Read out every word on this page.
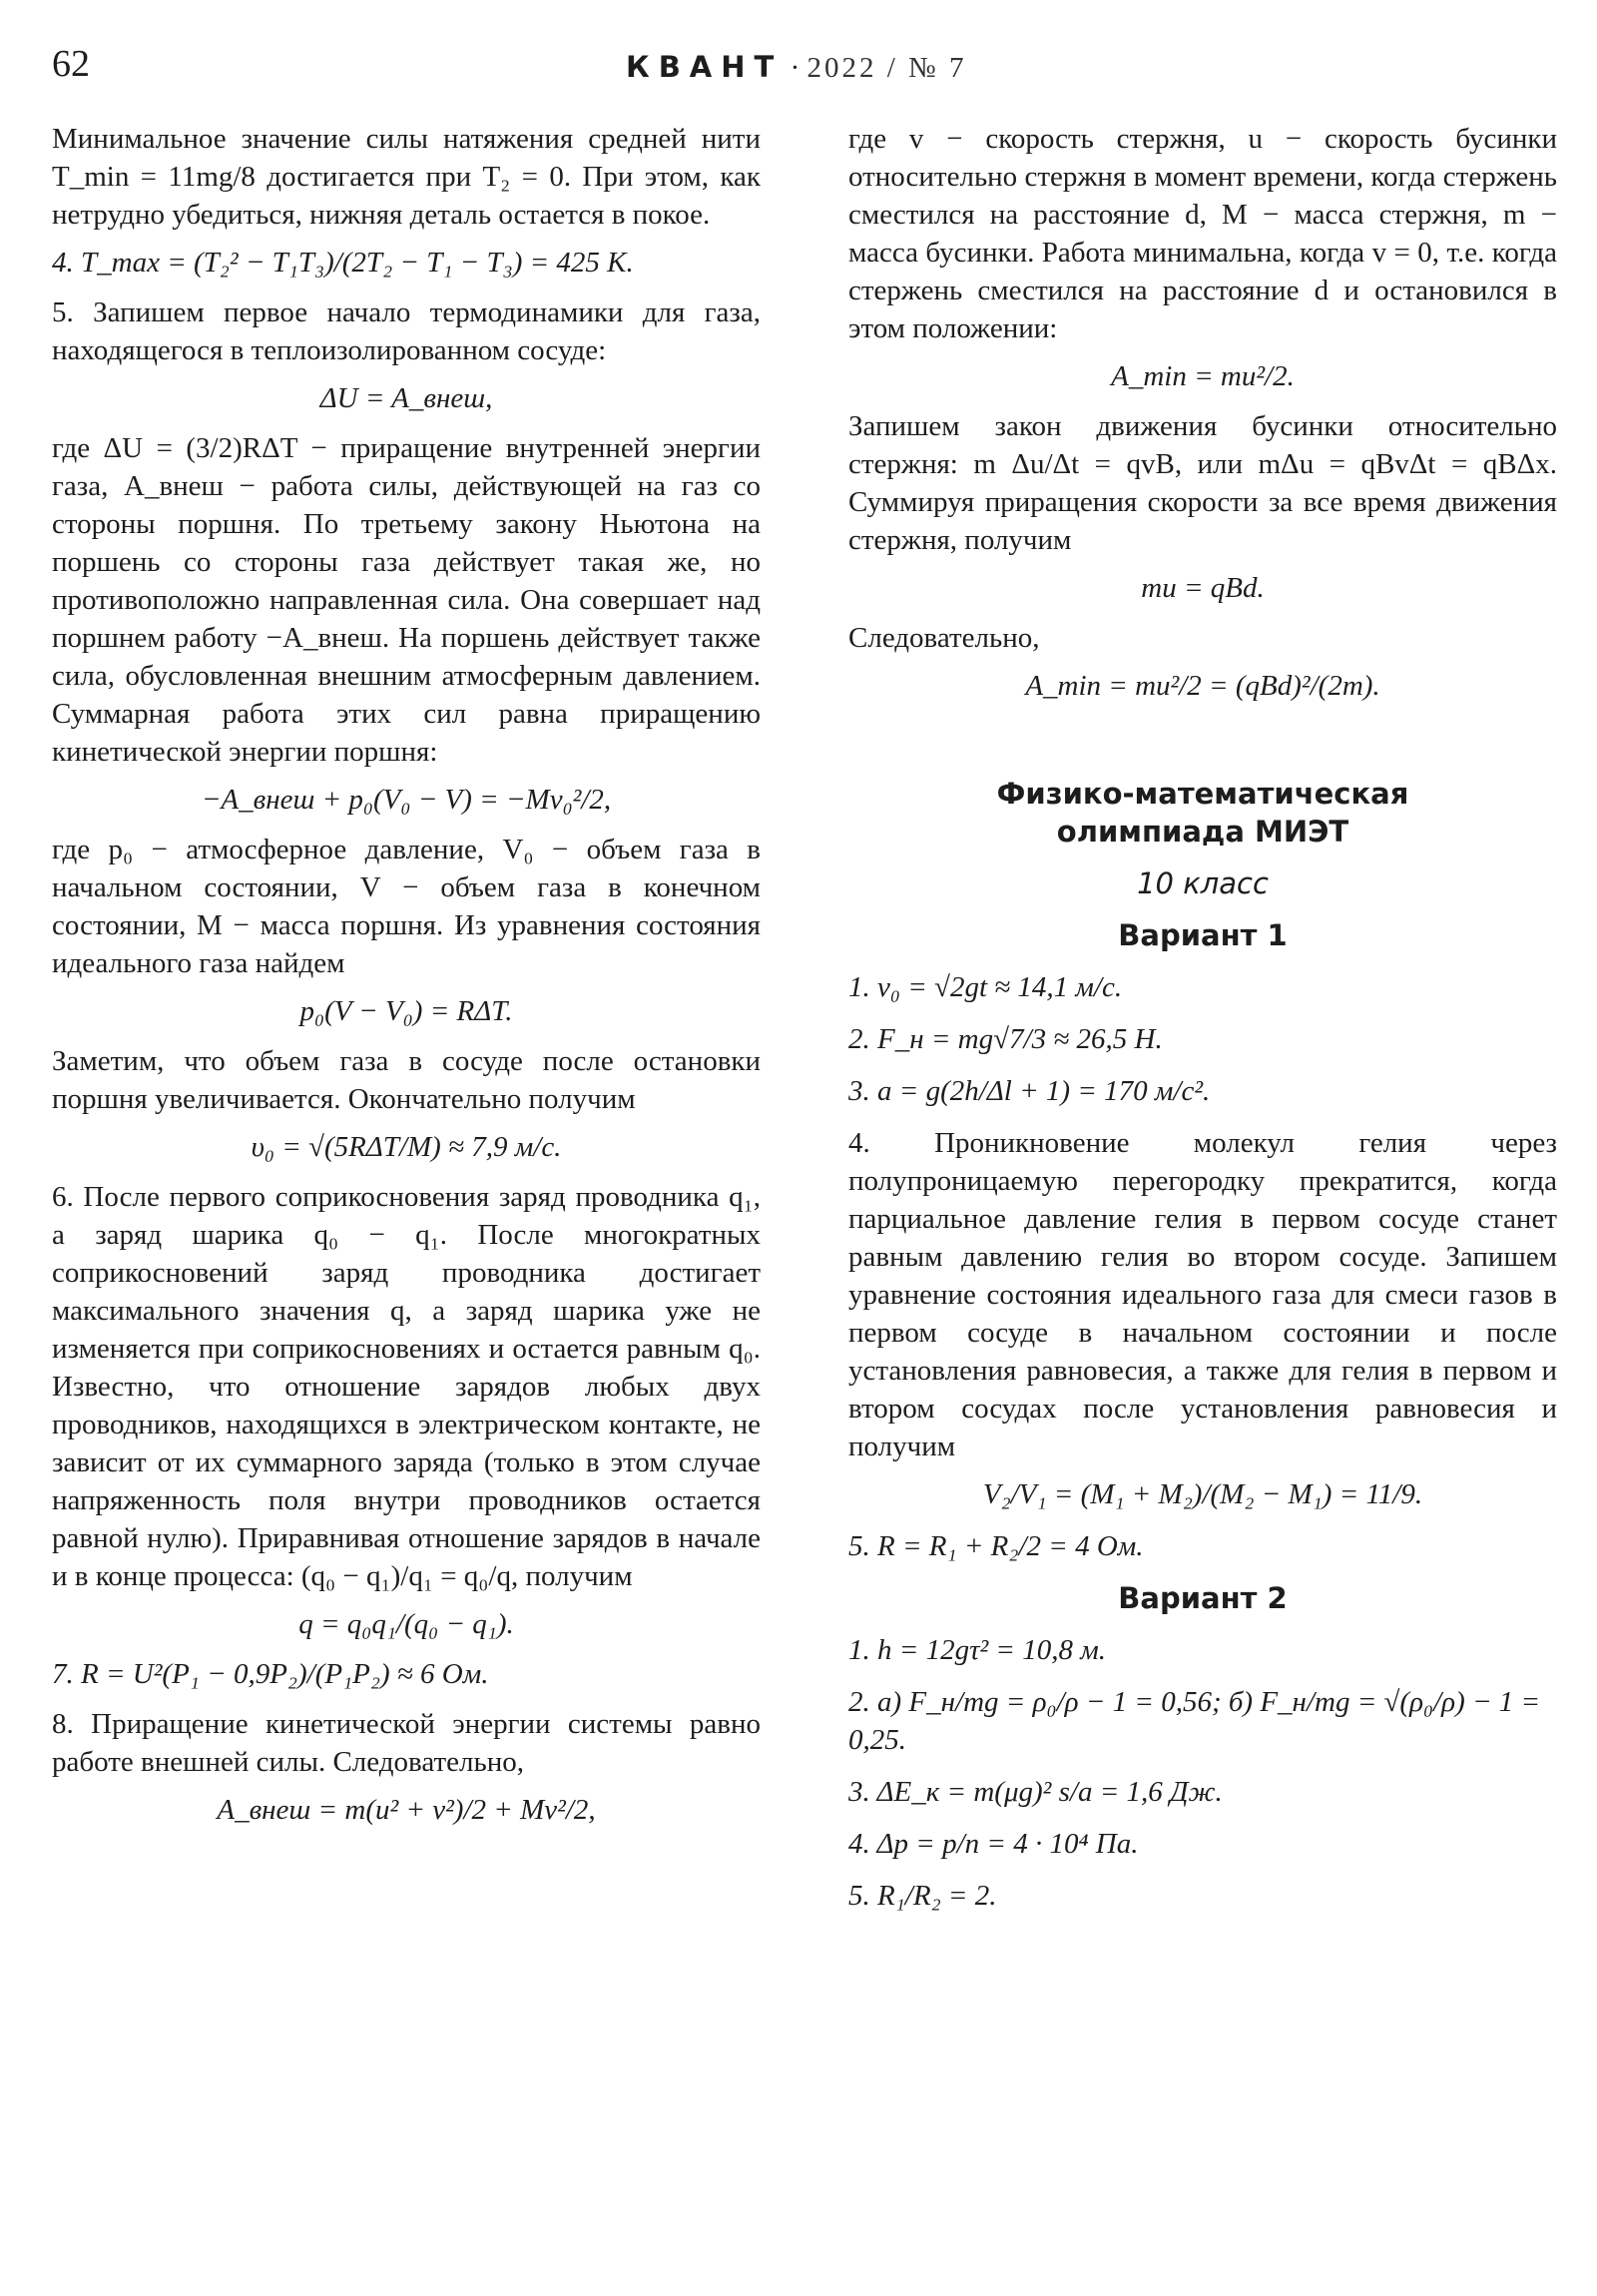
62	КВАНТ · 2022 / № 7

Минимальное значение силы натяжения средней нити T_min = 11mg/8 достигается при T₂ = 0. При этом, как нетрудно убедиться, нижняя деталь остается в покое.

4. T_max = (T₂² − T₁T₃)/(2T₂ − T₁ − T₃) = 425 K.

5. Запишем первое начало термодинамики для газа, находящегося в теплоизолированном сосуде:

ΔU = A_внеш,

где ΔU = (3/2)RΔT − приращение внутренней энергии газа, A_внеш − работа силы, действующей на газ со стороны поршня. По третьему закону Ньютона на поршень со стороны газа действует такая же, но противоположно направленная сила. Она совершает над поршнем работу −A_внеш. На поршень действует также сила, обусловленная внешним атмосферным давлением. Суммарная работа этих сил равна приращению кинетической энергии поршня:

−A_внеш + p₀(V₀ − V) = −Mv₀²/2,

где p₀ − атмосферное давление, V₀ − объем газа в начальном состоянии, V − объем газа в конечном состоянии, M − масса поршня. Из уравнения состояния идеального газа найдем

p₀(V − V₀) = RΔT.

Заметим, что объем газа в сосуде после остановки поршня увеличивается. Окончательно получим

υ₀ = √(5RΔT/M) ≈ 7,9 м/с.

6. После первого соприкосновения заряд проводника q₁, а заряд шарика q₀ − q₁. После многократных соприкосновений заряд проводника достигает максимального значения q, а заряд шарика уже не изменяется при соприкосновениях и остается равным q₀. Известно, что отношение зарядов любых двух проводников, находящихся в электрическом контакте, не зависит от их суммарного заряда (только в этом случае напряженность поля внутри проводников остается равной нулю). Приравнивая отношение зарядов в начале и в конце процесса: (q₀ − q₁)/q₁ = q₀/q, получим

q = q₀q₁/(q₀ − q₁).
7. R = U²(P₁ − 0,9P₂)/(P₁P₂) ≈ 6 Ом.

8. Приращение кинетической энергии системы равно работе внешней силы. Следовательно,

A_внеш = m(u² + v²)/2 + Mv²/2,

где v − скорость стержня, u − скорость бусинки относительно стержня в момент времени, когда стержень сместился на расстояние d, M − масса стержня, m − масса бусинки. Работа минимальна, когда v = 0, т.е. когда стержень сместился на расстояние d и остановился в этом положении:

A_min = mu²/2.

Запишем закон движения бусинки относительно стержня: m Δu/Δt = qvB, или mΔu = qBvΔt = qBΔx. Суммируя приращения скорости за все время движения стержня, получим

mu = qBd.

Следовательно,

A_min = mu²/2 = (qBd)²/(2m).
Физико-математическая
олимпиада МИЭТ
10 класс
Вариант 1
1. v₀ = √2gt ≈ 14,1 м/с.
2. F_н = mg√7/3 ≈ 26,5 Н.
3. a = g(2h/Δl + 1) = 170 м/с².

4. Проникновение молекул гелия через полупроницаемую перегородку прекратится, когда парциальное давление гелия в первом сосуде станет равным давлению гелия во втором сосуде. Запишем уравнение состояния идеального газа для смеси газов в первом сосуде в начальном состоянии и после установления равновесия, а также для гелия в первом и втором сосудах после установления равновесия и получим

V₂/V₁ = (M₁ + M₂)/(M₂ − M₁) = 11/9.
5. R = R₁ + R₂/2 = 4 Ом.
Вариант 2
1. h = 12gτ² = 10,8 м.
2. а) F_н/mg = ρ₀/ρ − 1 = 0,56; б) F_н/mg = √(ρ₀/ρ) − 1 = 0,25.
3. ΔE_к = m(μg)² s/a = 1,6 Дж.
4. Δp = p/n = 4 · 10⁴ Па.
5. R₁/R₂ = 2.
